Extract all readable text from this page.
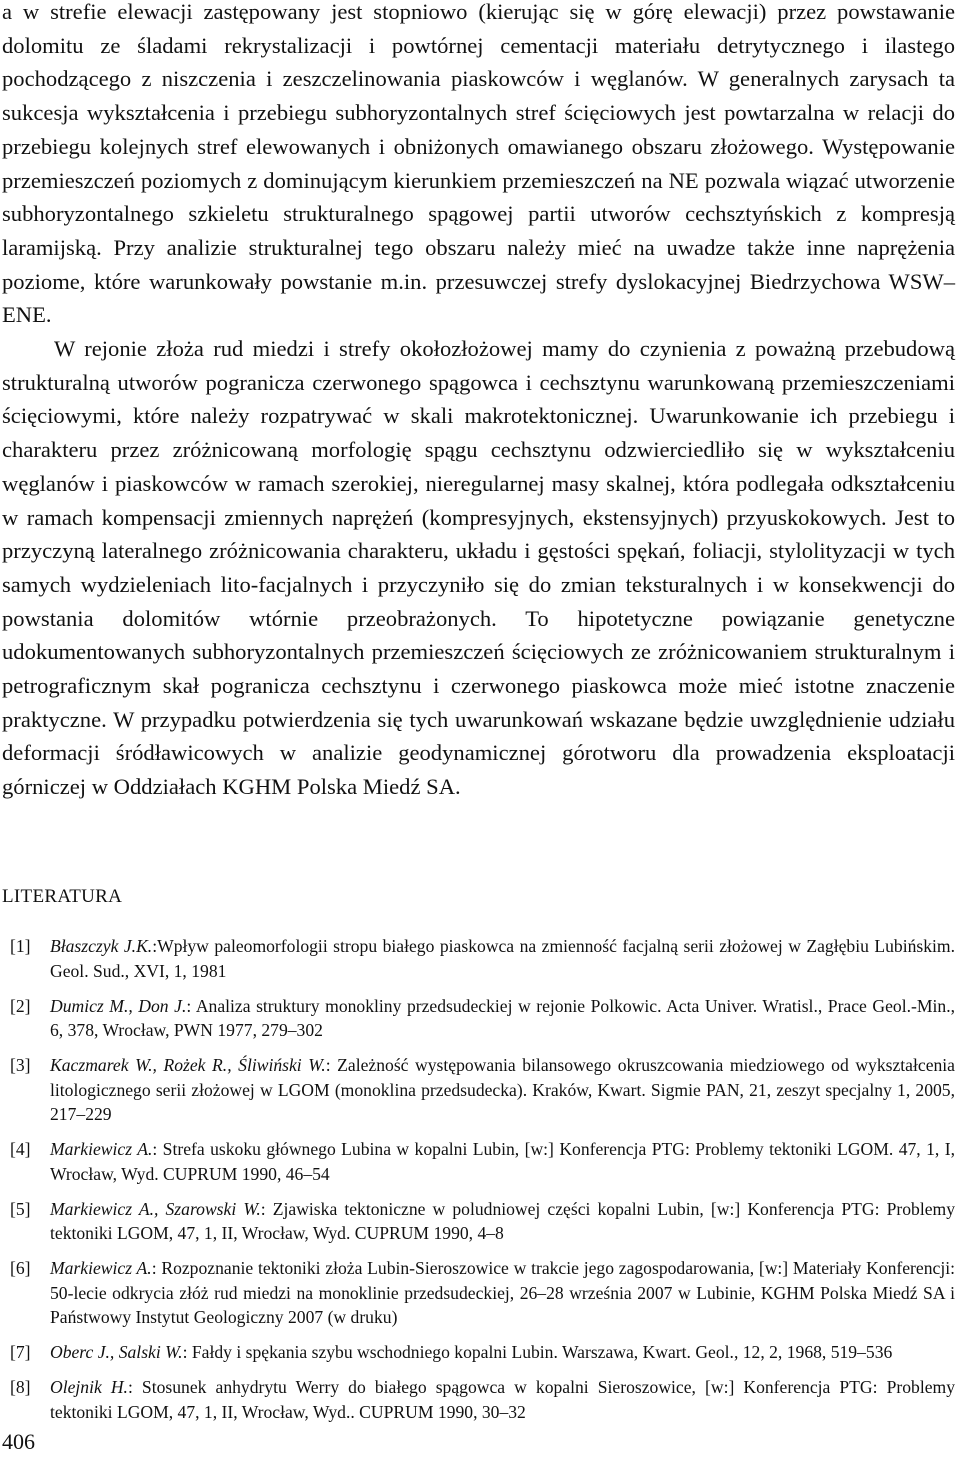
a w strefie elewacji zastępowany jest stopniowo (kierując się w górę elewacji) przez powstawanie dolomitu ze śladami rekrystalizacji i powtórnej cementacji materiału detrytycznego i ilastego pochodzącego z niszczenia i zeszczelinowania piaskowców i węglanów. W generalnych zarysach ta sukcesja wykształcenia i przebiegu subhoryzontalnych stref ścięciowych jest powtarzalna w relacji do przebiegu kolejnych stref elewowanych i obniżonych omawianego obszaru złożowego. Występowanie przemieszczeń poziomych z dominującym kierunkiem przemieszczeń na NE pozwala wiązać utworzenie subhoryzontalnego szkieletu strukturalnego spągowej partii utworów cechsztyńskich z kompresją laramijską. Przy analizie strukturalnej tego obszaru należy mieć na uwadze także inne naprężenia poziome, które warunkowały powstanie m.in. przesuwczej strefy dyslokacyjnej Biedrzychowa WSW–ENE.

W rejonie złoża rud miedzi i strefy okołozłożowej mamy do czynienia z poważną przebudową strukturalną utworów pogranicza czerwonego spągowca i cechsztynu warunkowaną przemieszczeniami ścięciowymi, które należy rozpatrywać w skali makrotektonicznej. Uwarunkowanie ich przebiegu i charakteru przez zróżnicowaną morfologię spągu cechsztynu odzwierciedliło się w wykształceniu węglanów i piaskowców w ramach szerokiej, nieregularnej masy skalnej, która podlegała odkształceniu w ramach kompensacji zmiennych naprężeń (kompresyjnych, ekstensyjnych) przyuskokowych. Jest to przyczyną lateralnego zróżnicowania charakteru, układu i gęstości spękań, foliacji, stylolityzacji w tych samych wydzieleniach lito-facjalnych i przyczyniło się do zmian teksturalnych i w konsekwencji do powstania dolomitów wtórnie przeobrażonych. To hipotetyczne powiązanie genetyczne udokumentowanych subhoryzontalnych przemieszczeń ścięciowych ze zróżnicowaniem strukturalnym i petrograficznym skał pogranicza cechsztynu i czerwonego piaskowca może mieć istotne znaczenie praktyczne. W przypadku potwierdzenia się tych uwarunkowań wskazane będzie uwzględnienie udziału deformacji śródławicowych w analizie geodynamicznej górotworu dla prowadzenia eksploatacji górniczej w Oddziałach KGHM Polska Miedź SA.

LITERATURA
[1] Błaszczyk J.K.:Wpływ paleomorfologii stropu białego piaskowca na zmienność facjalną serii złożowej w Zagłębiu Lubińskim. Geol. Sud., XVI, 1, 1981
[2] Dumicz M., Don J.: Analiza struktury monokliny przedsudeckiej w rejonie Polkowic. Acta Univer. Wratisl., Prace Geol.-Min., 6, 378, Wrocław, PWN 1977, 279–302
[3] Kaczmarek W., Rożek R., Śliwiński W.: Zależność występowania bilansowego okruszcowania miedziowego od wykształcenia litologicznego serii złożowej w LGOM (monoklina przedsudecka). Kraków, Kwart. Sigmie PAN, 21, zeszyt specjalny 1, 2005, 217–229
[4] Markiewicz A.: Strefa uskoku głównego Lubina w kopalni Lubin, [w:] Konferencja PTG: Problemy tektoniki LGOM. 47, 1, I, Wrocław, Wyd. CUPRUM 1990, 46–54
[5] Markiewicz A., Szarowski W.: Zjawiska tektoniczne w poludniowej części kopalni Lubin, [w:] Konferencja PTG: Problemy tektoniki LGOM, 47, 1, II, Wrocław, Wyd. CUPRUM 1990, 4–8
[6] Markiewicz A.: Rozpoznanie tektoniki złoża Lubin-Sieroszowice w trakcie jego zagospodarowania, [w:] Materiały Konferencji: 50-lecie odkrycia złóż rud miedzi na monoklinie przedsudeckiej, 26–28 września 2007 w Lubinie, KGHM Polska Miedź SA i Państwowy Instytut Geologiczny 2007 (w druku)
[7] Oberc J., Salski W.: Fałdy i spękania szybu wschodniego kopalni Lubin. Warszawa, Kwart. Geol., 12, 2, 1968, 519–536
[8] Olejnik H.: Stosunek anhydrytu Werry do białego spągowca w kopalni Sieroszowice, [w:] Konferencja PTG: Problemy tektoniki LGOM, 47, 1, II, Wrocław, Wyd.. CUPRUM 1990, 30–32
406
